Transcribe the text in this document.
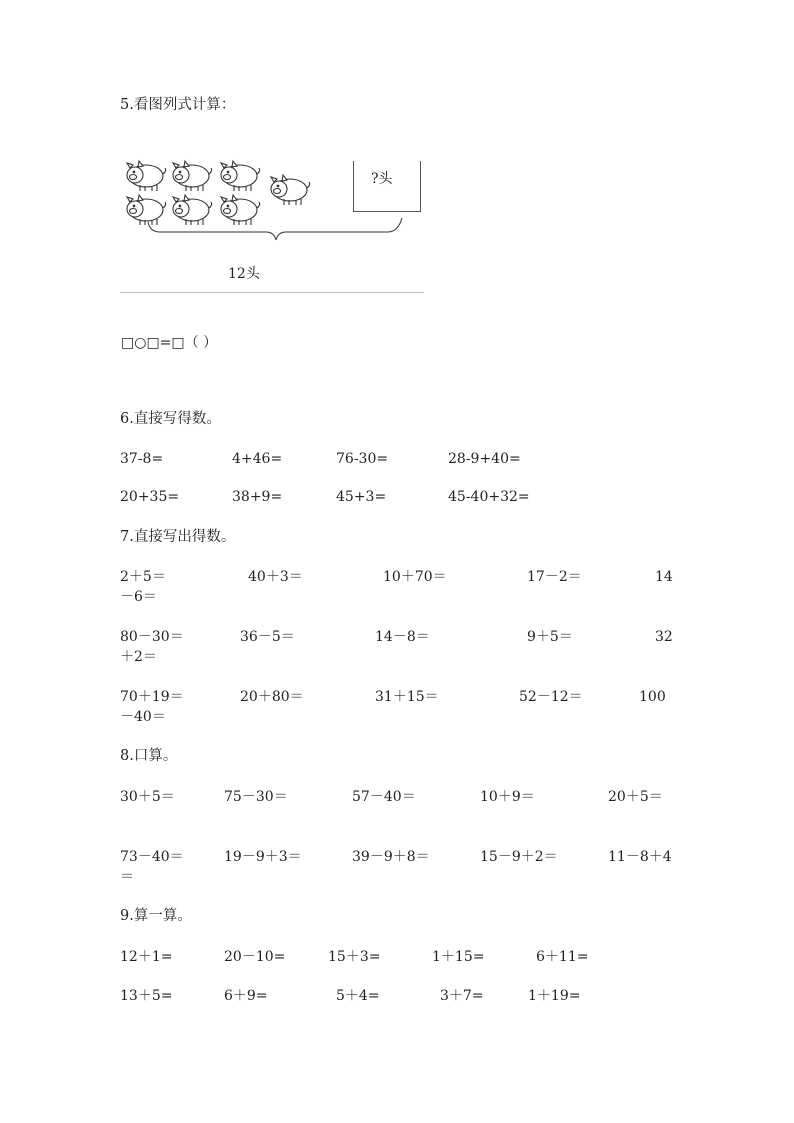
5.看图列式计算：
?头
12头
□○□=□（ ）
6.直接写得数。
37-8=	4+46=	76-30=	28-9+40=
20+35=	38+9=	45+3=	45-40+32=
7.直接写出得数。
2＋5＝	40＋3＝	10＋70＝	17－2＝	14
－6＝
80－30＝	36－5＝	14－8＝	9＋5＝	32
＋2＝
70＋19＝	20＋80＝	31＋15＝	52－12＝	100
－40＝
8.口算。
30＋5＝	75－30＝	57－40＝	10＋9＝	20＋5＝
73－40＝	19－9＋3＝	39－9＋8＝	15－9＋2＝	11－8＋4
＝
9.算一算。
12＋1=	20－10=	15＋3=	1＋15=	6＋11=
13＋5=	6＋9=	5＋4=	3＋7=	1＋19=
